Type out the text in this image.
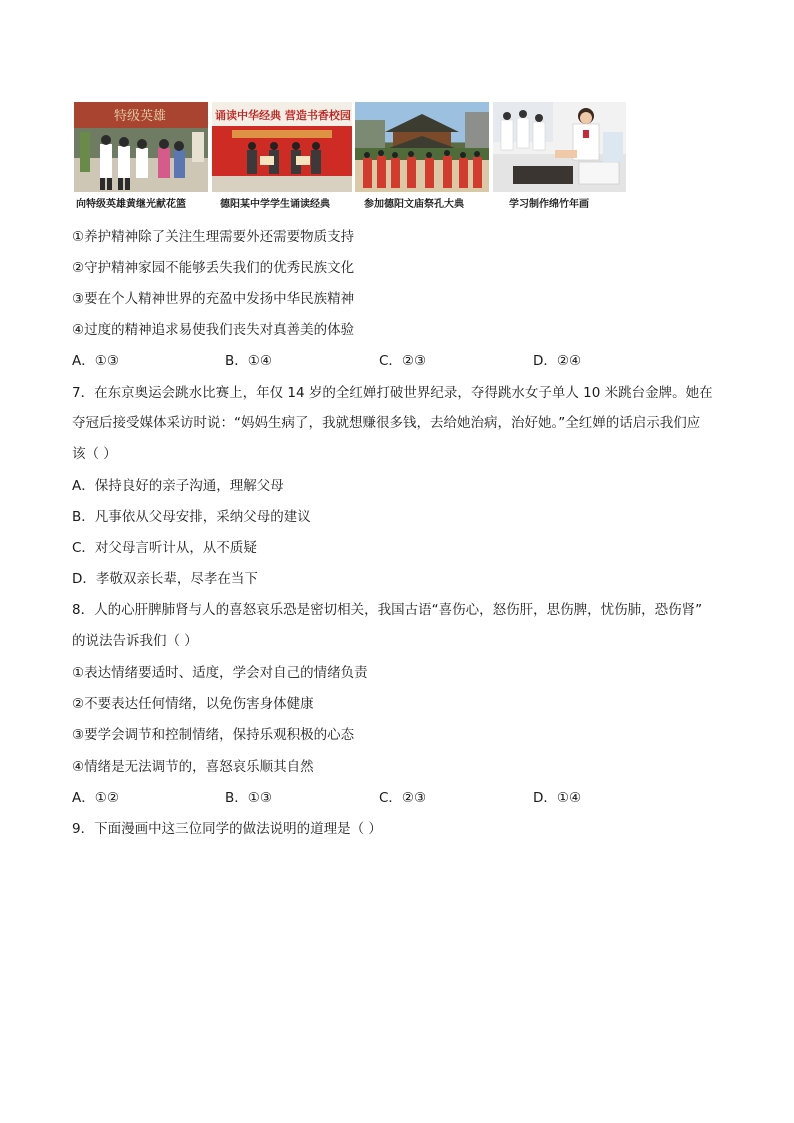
特级英雄
向特级英雄黄继光献花篮
诵读中华经典 营造书香校园
德阳某中学学生诵读经典	参加德阳文庙祭孔大典	学习制作绵竹年画
①养护精神除了关注生理需要外还需要物质支持
②守护精神家园不能够丢失我们的优秀民族文化
③要在个人精神世界的充盈中发扬中华民族精神
④过度的精神追求易使我们丧失对真善美的体验
A．①③	B．①④	C．②③	D．②④
7．在东京奥运会跳水比赛上，年仅 14 岁的全红婵打破世界纪录，夺得跳水女子单人 10 米跳台金牌。她在
夺冠后接受媒体采访时说：“妈妈生病了，我就想赚很多钱，去给她治病，治好她。”全红婵的话启示我们应
该（ ）
A．保持良好的亲子沟通，理解父母
B．凡事依从父母安排，采纳父母的建议
C．对父母言听计从，从不质疑
D．孝敬双亲长辈，尽孝在当下
8．人的心肝脾肺肾与人的喜怒哀乐恐是密切相关，我国古语“喜伤心，怒伤肝，思伤脾，忧伤肺，恐伤肾”
的说法告诉我们（ ）
①表达情绪要适时、适度，学会对自己的情绪负责
②不要表达任何情绪，以免伤害身体健康
③要学会调节和控制情绪，保持乐观积极的心态
④情绪是无法调节的，喜怒哀乐顺其自然
A．①②	B．①③	C．②③	D．①④
9．下面漫画中这三位同学的做法说明的道理是（ ）
